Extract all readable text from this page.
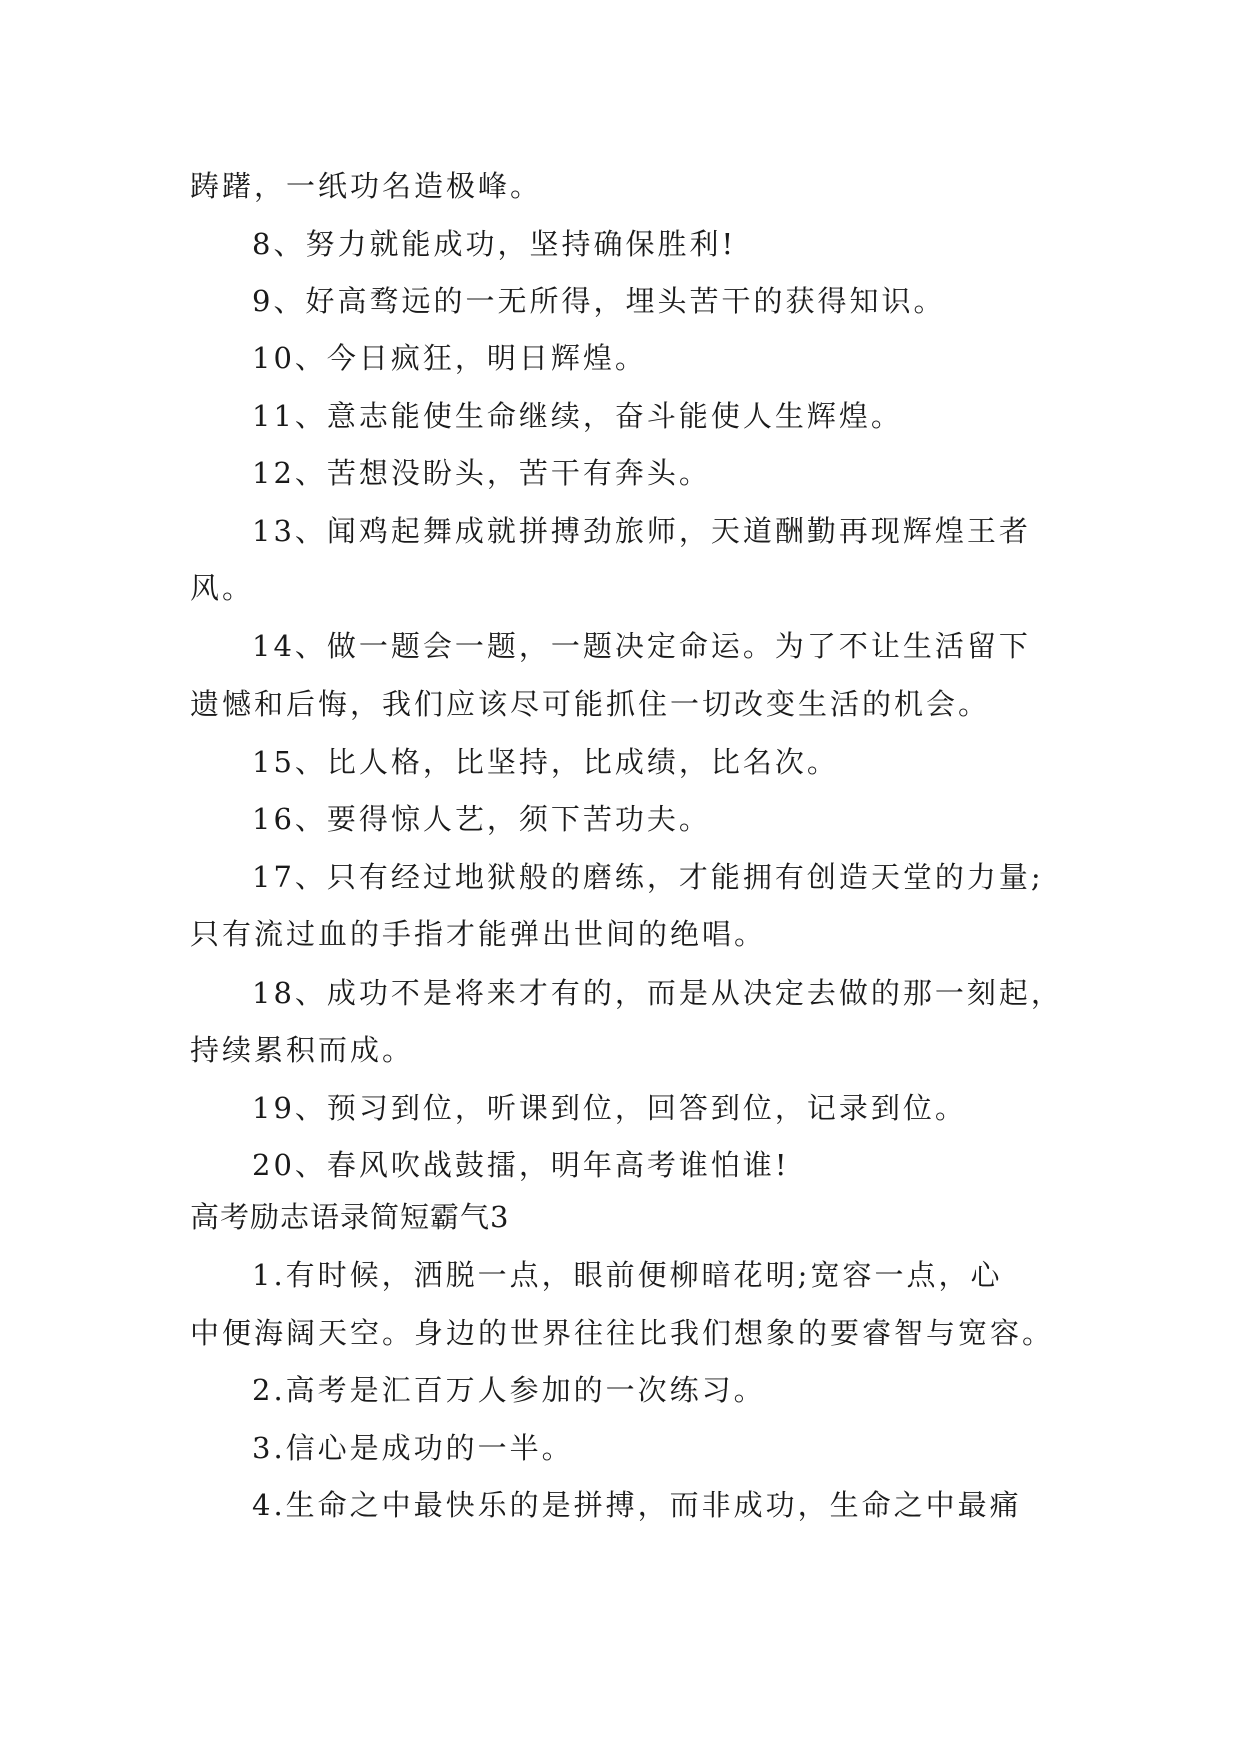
踌躇，一纸功名造极峰。
8、努力就能成功，坚持确保胜利!
9、好高骛远的一无所得，埋头苦干的获得知识。
10、今日疯狂，明日辉煌。
11、意志能使生命继续，奋斗能使人生辉煌。
12、苦想没盼头，苦干有奔头。
13、闻鸡起舞成就拼搏劲旅师，天道酬勤再现辉煌王者
风。
14、做一题会一题，一题决定命运。为了不让生活留下
遗憾和后悔，我们应该尽可能抓住一切改变生活的机会。
15、比人格，比坚持，比成绩，比名次。
16、要得惊人艺，须下苦功夫。
17、只有经过地狱般的磨练，才能拥有创造天堂的力量;
只有流过血的手指才能弹出世间的绝唱。
18、成功不是将来才有的，而是从决定去做的那一刻起，
持续累积而成。
19、预习到位，听课到位，回答到位，记录到位。
20、春风吹战鼓擂，明年高考谁怕谁!
高考励志语录简短霸气3
1.有时候，洒脱一点，眼前便柳暗花明;宽容一点，心
中便海阔天空。身边的世界往往比我们想象的要睿智与宽容。
2.高考是汇百万人参加的一次练习。
3.信心是成功的一半。
4.生命之中最快乐的是拼搏，而非成功，生命之中最痛
